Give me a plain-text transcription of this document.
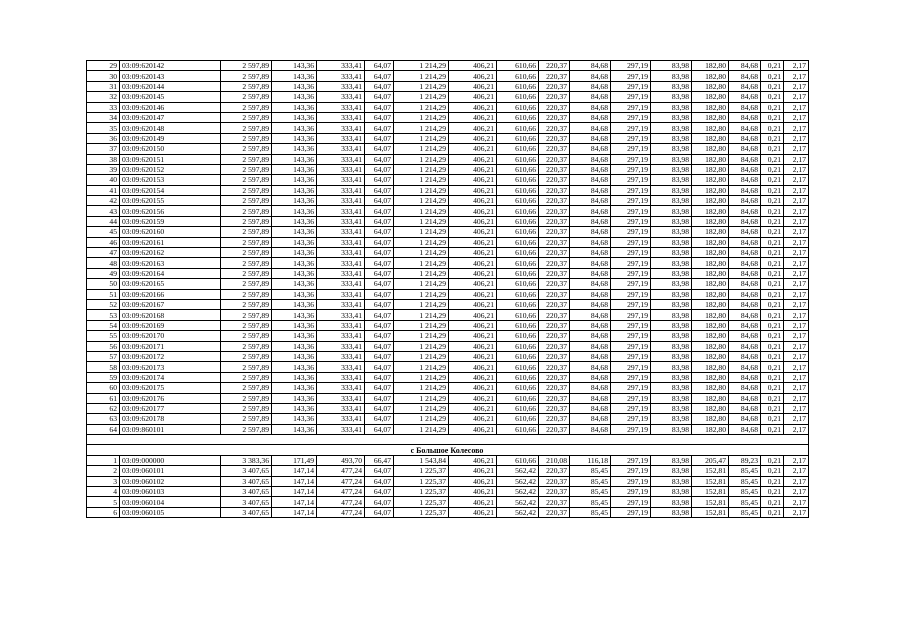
29	03:09:620142	2 597,89	143,36	333,41	64,07	1 214,29	406,21	610,66	220,37	84,68	297,19	83,98	182,80	84,68	0,21	2,17
30	03:09:620143	2 597,89	143,36	333,41	64,07	1 214,29	406,21	610,66	220,37	84,68	297,19	83,98	182,80	84,68	0,21	2,17
31	03:09:620144	2 597,89	143,36	333,41	64,07	1 214,29	406,21	610,66	220,37	84,68	297,19	83,98	182,80	84,68	0,21	2,17
32	03:09:620145	2 597,89	143,36	333,41	64,07	1 214,29	406,21	610,66	220,37	84,68	297,19	83,98	182,80	84,68	0,21	2,17
33	03:09:620146	2 597,89	143,36	333,41	64,07	1 214,29	406,21	610,66	220,37	84,68	297,19	83,98	182,80	84,68	0,21	2,17
34	03:09:620147	2 597,89	143,36	333,41	64,07	1 214,29	406,21	610,66	220,37	84,68	297,19	83,98	182,80	84,68	0,21	2,17
35	03:09:620148	2 597,89	143,36	333,41	64,07	1 214,29	406,21	610,66	220,37	84,68	297,19	83,98	182,80	84,68	0,21	2,17
36	03:09:620149	2 597,89	143,36	333,41	64,07	1 214,29	406,21	610,66	220,37	84,68	297,19	83,98	182,80	84,68	0,21	2,17
37	03:09:620150	2 597,89	143,36	333,41	64,07	1 214,29	406,21	610,66	220,37	84,68	297,19	83,98	182,80	84,68	0,21	2,17
38	03:09:620151	2 597,89	143,36	333,41	64,07	1 214,29	406,21	610,66	220,37	84,68	297,19	83,98	182,80	84,68	0,21	2,17
39	03:09:620152	2 597,89	143,36	333,41	64,07	1 214,29	406,21	610,66	220,37	84,68	297,19	83,98	182,80	84,68	0,21	2,17
40	03:09:620153	2 597,89	143,36	333,41	64,07	1 214,29	406,21	610,66	220,37	84,68	297,19	83,98	182,80	84,68	0,21	2,17
41	03:09:620154	2 597,89	143,36	333,41	64,07	1 214,29	406,21	610,66	220,37	84,68	297,19	83,98	182,80	84,68	0,21	2,17
42	03:09:620155	2 597,89	143,36	333,41	64,07	1 214,29	406,21	610,66	220,37	84,68	297,19	83,98	182,80	84,68	0,21	2,17
43	03:09:620156	2 597,89	143,36	333,41	64,07	1 214,29	406,21	610,66	220,37	84,68	297,19	83,98	182,80	84,68	0,21	2,17
44	03:09:620159	2 597,89	143,36	333,41	64,07	1 214,29	406,21	610,66	220,37	84,68	297,19	83,98	182,80	84,68	0,21	2,17
45	03:09:620160	2 597,89	143,36	333,41	64,07	1 214,29	406,21	610,66	220,37	84,68	297,19	83,98	182,80	84,68	0,21	2,17
46	03:09:620161	2 597,89	143,36	333,41	64,07	1 214,29	406,21	610,66	220,37	84,68	297,19	83,98	182,80	84,68	0,21	2,17
47	03:09:620162	2 597,89	143,36	333,41	64,07	1 214,29	406,21	610,66	220,37	84,68	297,19	83,98	182,80	84,68	0,21	2,17
48	03:09:620163	2 597,89	143,36	333,41	64,07	1 214,29	406,21	610,66	220,37	84,68	297,19	83,98	182,80	84,68	0,21	2,17
49	03:09:620164	2 597,89	143,36	333,41	64,07	1 214,29	406,21	610,66	220,37	84,68	297,19	83,98	182,80	84,68	0,21	2,17
50	03:09:620165	2 597,89	143,36	333,41	64,07	1 214,29	406,21	610,66	220,37	84,68	297,19	83,98	182,80	84,68	0,21	2,17
51	03:09:620166	2 597,89	143,36	333,41	64,07	1 214,29	406,21	610,66	220,37	84,68	297,19	83,98	182,80	84,68	0,21	2,17
52	03:09:620167	2 597,89	143,36	333,41	64,07	1 214,29	406,21	610,66	220,37	84,68	297,19	83,98	182,80	84,68	0,21	2,17
53	03:09:620168	2 597,89	143,36	333,41	64,07	1 214,29	406,21	610,66	220,37	84,68	297,19	83,98	182,80	84,68	0,21	2,17
54	03:09:620169	2 597,89	143,36	333,41	64,07	1 214,29	406,21	610,66	220,37	84,68	297,19	83,98	182,80	84,68	0,21	2,17
55	03:09:620170	2 597,89	143,36	333,41	64,07	1 214,29	406,21	610,66	220,37	84,68	297,19	83,98	182,80	84,68	0,21	2,17
56	03:09:620171	2 597,89	143,36	333,41	64,07	1 214,29	406,21	610,66	220,37	84,68	297,19	83,98	182,80	84,68	0,21	2,17
57	03:09:620172	2 597,89	143,36	333,41	64,07	1 214,29	406,21	610,66	220,37	84,68	297,19	83,98	182,80	84,68	0,21	2,17
58	03:09:620173	2 597,89	143,36	333,41	64,07	1 214,29	406,21	610,66	220,37	84,68	297,19	83,98	182,80	84,68	0,21	2,17
59	03:09:620174	2 597,89	143,36	333,41	64,07	1 214,29	406,21	610,66	220,37	84,68	297,19	83,98	182,80	84,68	0,21	2,17
60	03:09:620175	2 597,89	143,36	333,41	64,07	1 214,29	406,21	610,66	220,37	84,68	297,19	83,98	182,80	84,68	0,21	2,17
61	03:09:620176	2 597,89	143,36	333,41	64,07	1 214,29	406,21	610,66	220,37	84,68	297,19	83,98	182,80	84,68	0,21	2,17
62	03:09:620177	2 597,89	143,36	333,41	64,07	1 214,29	406,21	610,66	220,37	84,68	297,19	83,98	182,80	84,68	0,21	2,17
63	03:09:620178	2 597,89	143,36	333,41	64,07	1 214,29	406,21	610,66	220,37	84,68	297,19	83,98	182,80	84,68	0,21	2,17
64	03:09:860101	2 597,89	143,36	333,41	64,07	1 214,29	406,21	610,66	220,37	84,68	297,19	83,98	182,80	84,68	0,21	2,17

с Большое Колесово																
1	03:09:000000	3 383,36	171,49	493,70	66,47	1 543,84	406,21	610,66	210,08	116,18	297,19	83,98	205,47	89,23	0,21	2,17
2	03:09:060101	3 407,65	147,14	477,24	64,07	1 225,37	406,21	562,42	220,37	85,45	297,19	83,98	152,81	85,45	0,21	2,17
3	03:09:060102	3 407,65	147,14	477,24	64,07	1 225,37	406,21	562,42	220,37	85,45	297,19	83,98	152,81	85,45	0,21	2,17
4	03:09:060103	3 407,65	147,14	477,24	64,07	1 225,37	406,21	562,42	220,37	85,45	297,19	83,98	152,81	85,45	0,21	2,17
5	03:09:060104	3 407,65	147,14	477,24	64,07	1 225,37	406,21	562,42	220,37	85,45	297,19	83,98	152,81	85,45	0,21	2,17
6	03:09:060105	3 407,65	147,14	477,24	64,07	1 225,37	406,21	562,42	220,37	85,45	297,19	83,98	152,81	85,45	0,21	2,17
